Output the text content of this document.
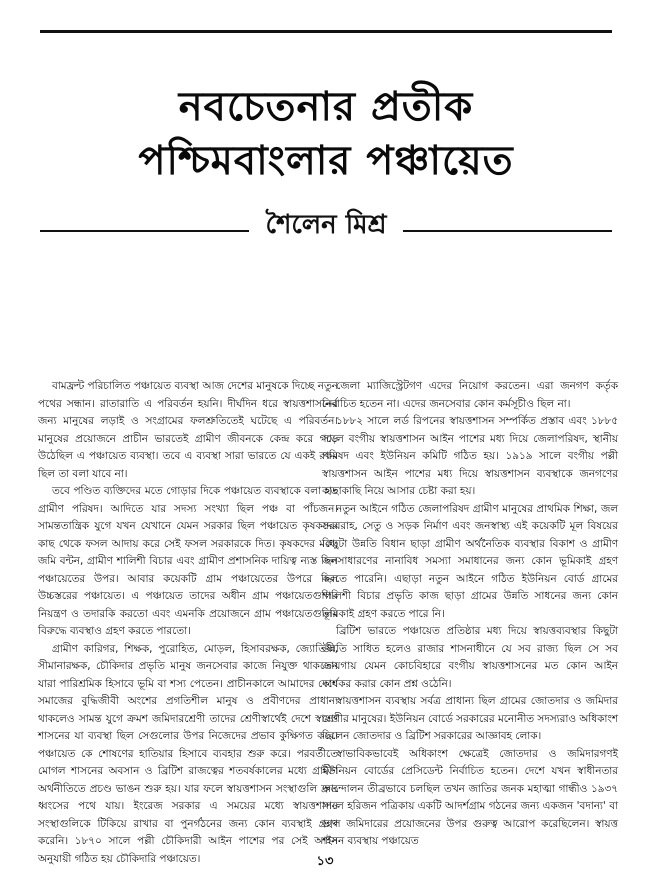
নবচেতনার প্রতীক
পশ্চিমবাংলার পঞ্চায়েত
শৈলেন মিশ্র

বামফ্রন্ট পরিচালিত পঞ্চায়েত ব্যবস্থা আজ দেশের মানুষকে দিচ্ছে নতুন পথের সন্ধান। রাতারাতি এ পরিবর্তন হয়নি। দীর্ঘদিন ধরে স্বায়ত্তশাসনের জন্য মানুষের লড়াই ও সংগ্রামের ফলশ্রুতিতেই ঘটেছে এ পরিবর্তন। মানুষের প্রয়োজনে প্রাচীন ভারতেই গ্রামীণ জীবনকে কেন্দ্র করে গড়ে উঠেছিল এ পঞ্চায়েত ব্যবস্থা। তবে এ ব্যবস্থা সারা ভারতে যে একই রকম ছিল তা বলা যাবে না।

তবে পণ্ডিত ব্যক্তিদের মতে গোড়ার দিকে পঞ্চায়েত ব্যবস্থাকে বলা হত গ্রামীণ পরিষদ। আদিতে যার সদস্য সংখ্যা ছিল পঞ্চ বা পাঁচজন। সামন্ততান্ত্রিক যুগে যখন যেখানে যেমন সরকার ছিল পঞ্চায়েত কৃষকদের কাছ থেকে ফসল আদায় করে সেই ফসল সরকারকে দিত। কৃষকদের মধ্যে জমি বন্টন, গ্রামীণ শালিশী বিচার এবং গ্রামীণ প্রশাসনিক দায়িত্ব ন্যস্ত ছিল পঞ্চায়েতের উপর। আবার কয়েকটি গ্রাম পঞ্চায়েতের উপরে ছিল উচ্চস্তরের পঞ্চায়েত। এ পঞ্চায়েত তাদের অধীন গ্রাম পঞ্চায়েতগুলির নিয়ন্ত্রণ ও তদারকি করতো এবং এমনকি প্রয়োজনে গ্রাম পঞ্চায়েতগুলির বিরুদ্ধে ব্যবস্থাও গ্রহণ করতে পারতো।

গ্রামীণ কারিগর, শিক্ষক, পুরোহিত, মোড়ল, হিসাবরক্ষক, জ্যোতিষী, সীমানারক্ষক, চৌকিদার প্রভৃতি মানুষ জনসেবার কাজে নিযুক্ত থাকতেন যারা পারিশ্রমিক হিসাবে ভূমি বা শস্য পেতেন। প্রাচীনকালে আমাদের দেশে সমাজের বুদ্ধিজীবী অংশের প্রগতিশীল মানুষ ও প্রবীণদের প্রাধান্য থাকলেও সামন্ত যুগে ক্রমশ জমিদারশ্রেণী তাদের শ্রেণীস্বার্থেই দেশে স্বায়ত্ত শাসনের যা ব্যবস্থা ছিল সেগুলোর উপর নিজেদের প্রভাব কুক্ষিগত করে। পঞ্চায়েত কে শোষণের হাতিয়ার হিসাবে ব্যবহার শুরু করে। পরবর্তীতে মোগল শাসনের অবসান ও ব্রিটিশ রাজত্বের শতবর্ষকালের মধ্যে গ্রামীণ অর্থনীতিতে প্রচণ্ড ভাঙন শুরু হয়। যার ফলে স্বায়ত্তশাসন সংস্থাগুলি দ্রুত ধ্বংসের পথে যায়। ইংরেজ সরকার এ সময়ের মধ্যে স্বায়ত্তশাসন সংস্থাগুলিকে টিকিয়ে রাখার বা পুনর্গঠনের জন্য কোন ব্যবস্থাই গ্রহণ করেনি। ১৮৭০ সালে পল্লী চৌকিদারী আইন পাশের পর সেই আইন অনুযায়ী গঠিত হয় চৌকিদারি পঞ্চায়েত।

জেলা ম্যাজিস্ট্রেটগণ এদের নিয়োগ করতেন। এরা জনগণ কর্তৃক নির্বাচিত হতেন না। এদের জনসেবার কোন কর্মসূচীও ছিল না।

১৮৮২ সালে লর্ড রিপনের স্বায়ত্তশাসন সম্পর্কিত প্রস্তাব এবং ১৮৮৫ সালে বংগীয় স্বায়ত্তশাসন আইন পাশের মধ্য দিয়ে জেলাপরিষদ, স্থানীয় পরিষদ এবং ইউনিয়ন কমিটি গঠিত হয়। ১৯১৯ সালে বংগীয় পল্লী স্বায়ত্তশাসন আইন পাশের মধ্য দিয়ে স্বায়ত্তশাসন ব্যবস্থাকে জনগণের কাছাকাছি নিয়ে আসার চেষ্টা করা হয়।

নতুন আইনে গঠিত জেলাপরিষদ গ্রামীণ মানুষের প্রাথমিক শিক্ষা, জল সরবরাহ, সেতু ও সড়ক নির্মাণ এবং জনস্বাস্থ্য এই কয়েকটি মূল বিষয়ের কিছুটা উন্নতি বিধান ছাড়া গ্রামীণ অর্থনৈতিক ব্যবস্থার বিকাশ ও গ্রামীণ জনসাধারণের নানাবিধ সমস্যা সমাধানের জন্য কোন ভূমিকাই গ্রহণ করতে পারেনি। এছাড়া নতুন আইনে গঠিত ইউনিয়ন বোর্ড গ্রামের শালিশী বিচার প্রভৃতি কাজ ছাড়া গ্রামের উন্নতি সাধনের জন্য কোন ভূমিকাই গ্রহণ করতে পারে নি।

ব্রিটিশ ভারতে পঞ্চায়েত প্রতিষ্ঠার মধ্য দিয়ে স্বায়ত্তব্যবস্থার কিছুটা উন্নতি সাধিত হলেও রাজার শাসনাধীনে যে সব রাজ্য ছিল সে সব জায়গায় যেমন কোচবিহারে বংগীয় স্বায়ত্তশাসনের মত কোন আইন কার্যকর করার কোন প্রশ্ন ওঠেনি।

স্বায়ত্তশাসন ব্যবস্থায় সর্বত্র প্রাধান্য ছিল গ্রামের জোতদার ও জমিদার শ্রেণীর মানুষের। ইউনিয়ন বোর্ডে সরকারের মনোনীত সদস্যরাও অধিকাংশ ছিলেন জোতদার ও ব্রিটিশ সরকারের আজ্ঞাবহ লোক।

স্বাভাবিকভাবেই অধিকাংশ ক্ষেত্রেই জোতদার ও জমিদারগণই ইউনিয়ন বোর্ডের প্রেসিডেন্ট নির্বাচিত হতেন। দেশে যখন স্বাধীনতার আন্দোলন তীব্রভাবে চলছিল তখন জাতির জনক মহাত্মা গান্ধীও ১৯৩৭ সালে হরিজন পত্রিকায় একটি আদর্শগ্রাম গঠনের জন্য একজন 'বদান্য' বা ভাল জমিদারের প্রয়োজনের উপর গুরুত্ব আরোপ করেছিলেন। স্বায়ত্ত শাসন ব্যবস্থায় পঞ্চায়েত

১৩
